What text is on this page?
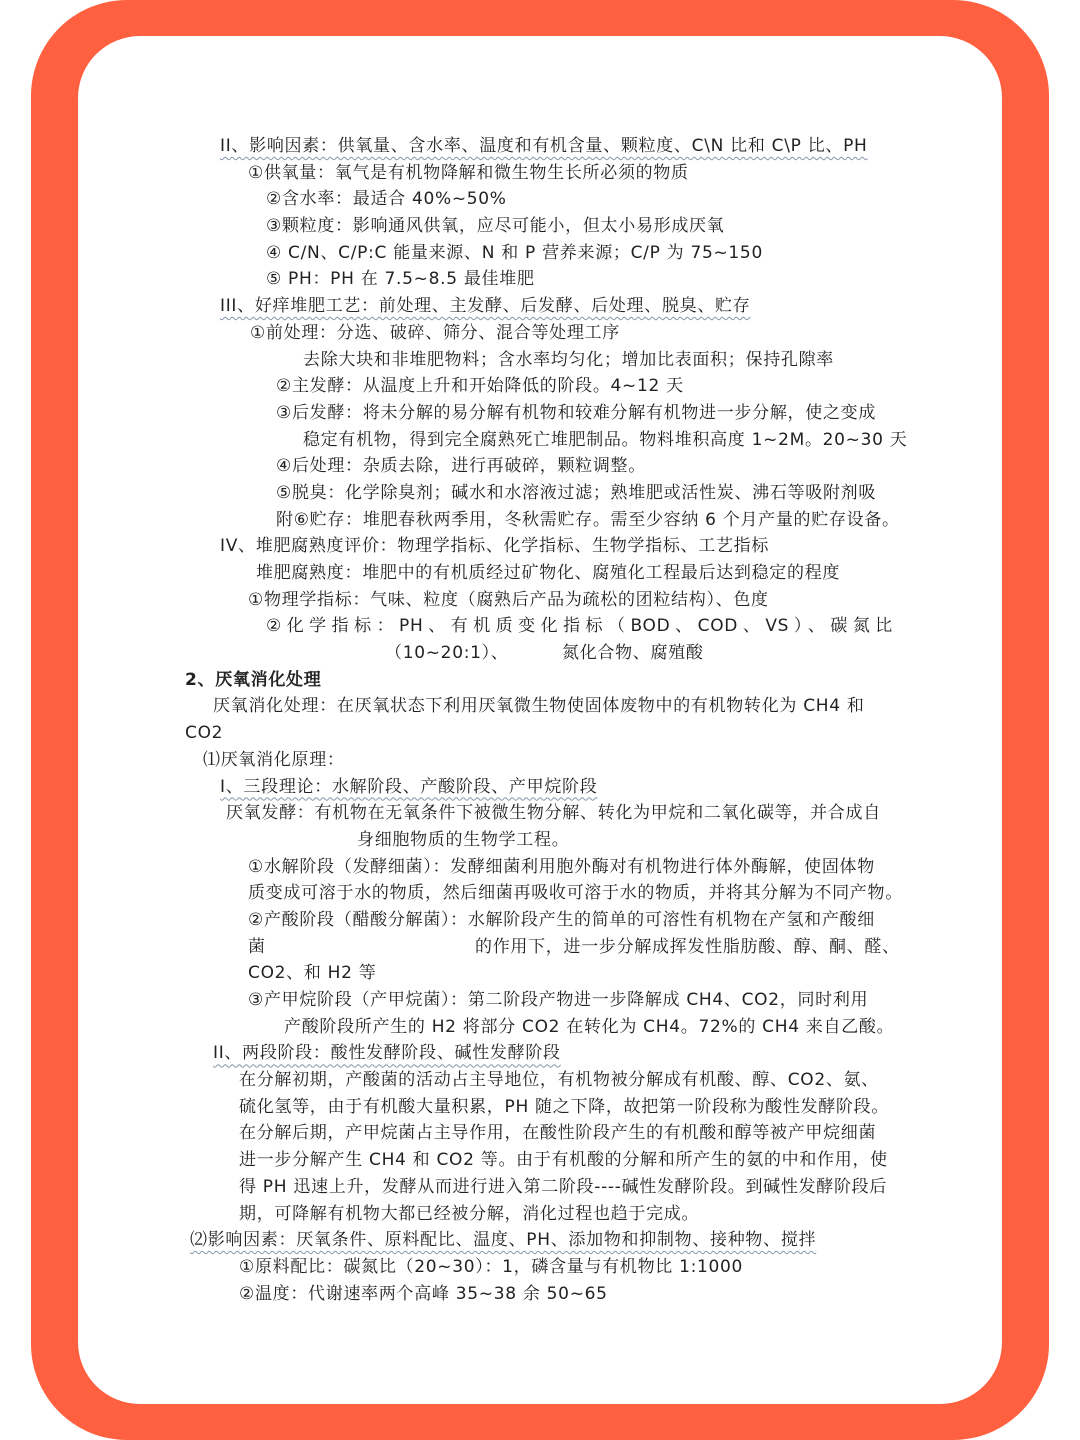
II、影响因素：供氧量、含水率、温度和有机含量、颗粒度、C\N 比和 C\P 比、PH
①供氧量：氧气是有机物降解和微生物生长所必须的物质
②含水率：最适合 40%~50%
③颗粒度：影响通风供氧，应尽可能小，但太小易形成厌氧
④ C/N、C/P:C 能量来源、N 和 P 营养来源；C/P 为 75~150
⑤ PH：PH 在 7.5~8.5 最佳堆肥
III、好痒堆肥工艺：前处理、主发酵、后发酵、后处理、脱臭、贮存
①前处理：分选、破碎、筛分、混合等处理工序
去除大块和非堆肥物料；含水率均匀化；增加比表面积；保持孔隙率
②主发酵：从温度上升和开始降低的阶段。4~12 天
③后发酵：将未分解的易分解有机物和较难分解有机物进一步分解，使之变成
稳定有机物，得到完全腐熟死亡堆肥制品。物料堆积高度 1~2M。20~30 天
④后处理：杂质去除，进行再破碎，颗粒调整。
⑤脱臭：化学除臭剂；碱水和水溶液过滤；熟堆肥或活性炭、沸石等吸附剂吸
附⑥贮存：堆肥春秋两季用，冬秋需贮存。需至少容纳 6 个月产量的贮存设备。
IV、堆肥腐熟度评价：物理学指标、化学指标、生物学指标、工艺指标
堆肥腐熟度：堆肥中的有机质经过矿物化、腐殖化工程最后达到稳定的程度
①物理学指标：气味、粒度（腐熟后产品为疏松的团粒结构）、色度
②化学指标：PH、有机质变化指标（BOD、COD、VS）、碳氮比
（10~20:1）、	氮化合物、腐殖酸
2、厌氧消化处理
厌氧消化处理：在厌氧状态下利用厌氧微生物使固体废物中的有机物转化为 CH4 和
CO2
⑴厌氧消化原理：
I、三段理论：水解阶段、产酸阶段、产甲烷阶段
厌氧发酵：有机物在无氧条件下被微生物分解、转化为甲烷和二氧化碳等，并合成自
身细胞物质的生物学工程。
①水解阶段（发酵细菌）：发酵细菌利用胞外酶对有机物进行体外酶解，使固体物
质变成可溶于水的物质，然后细菌再吸收可溶于水的物质，并将其分解为不同产物。
②产酸阶段（醋酸分解菌）：水解阶段产生的简单的可溶性有机物在产氢和产酸细
菌	的作用下，进一步分解成挥发性脂肪酸、醇、酮、醛、
CO2、和 H2 等
③产甲烷阶段（产甲烷菌）：第二阶段产物进一步降解成 CH4、CO2，同时利用
产酸阶段所产生的 H2 将部分 CO2 在转化为 CH4。72%的 CH4 来自乙酸。
II、两段阶段：酸性发酵阶段、碱性发酵阶段
在分解初期，产酸菌的活动占主导地位，有机物被分解成有机酸、醇、CO2、氨、
硫化氢等，由于有机酸大量积累，PH 随之下降，故把第一阶段称为酸性发酵阶段。
在分解后期，产甲烷菌占主导作用，在酸性阶段产生的有机酸和醇等被产甲烷细菌
进一步分解产生 CH4 和 CO2 等。由于有机酸的分解和所产生的氨的中和作用，使
得 PH 迅速上升，发酵从而进行进入第二阶段----碱性发酵阶段。到碱性发酵阶段后
期，可降解有机物大都已经被分解，消化过程也趋于完成。
⑵影响因素：厌氧条件、原料配比、温度、PH、添加物和抑制物、接种物、搅拌
①原料配比：碳氮比（20~30）：1，磷含量与有机物比 1:1000
②温度：代谢速率两个高峰 35~38 余 50~65
